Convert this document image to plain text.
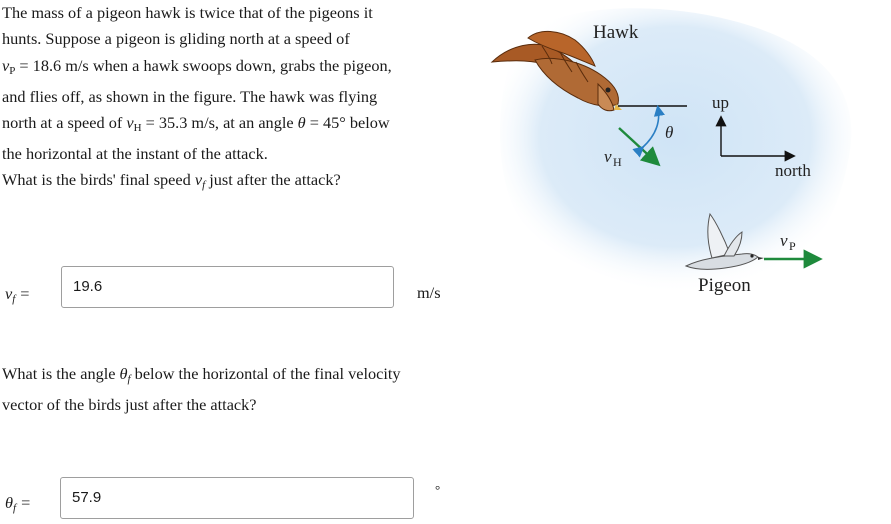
The mass of a pigeon hawk is twice that of the pigeons it

hunts. Suppose a pigeon is gliding north at a speed of

vP = 18.6 m/s when a hawk swoops down, grabs the pigeon,

and flies off, as shown in the figure. The hawk was flying

north at a speed of vH = 35.3 m/s, at an angle θ = 45° below

the horizontal at the instant of the attack.

What is the birds' final speed vf just after the attack?
$v_f$ =	19.6	m/s

What is the angle θf below the horizontal of the final velocity

vector of the birds just after the attack?

$\theta_f$ =	57.9	°
Hawk
θ
v H
up
north
Pigeon
v P
